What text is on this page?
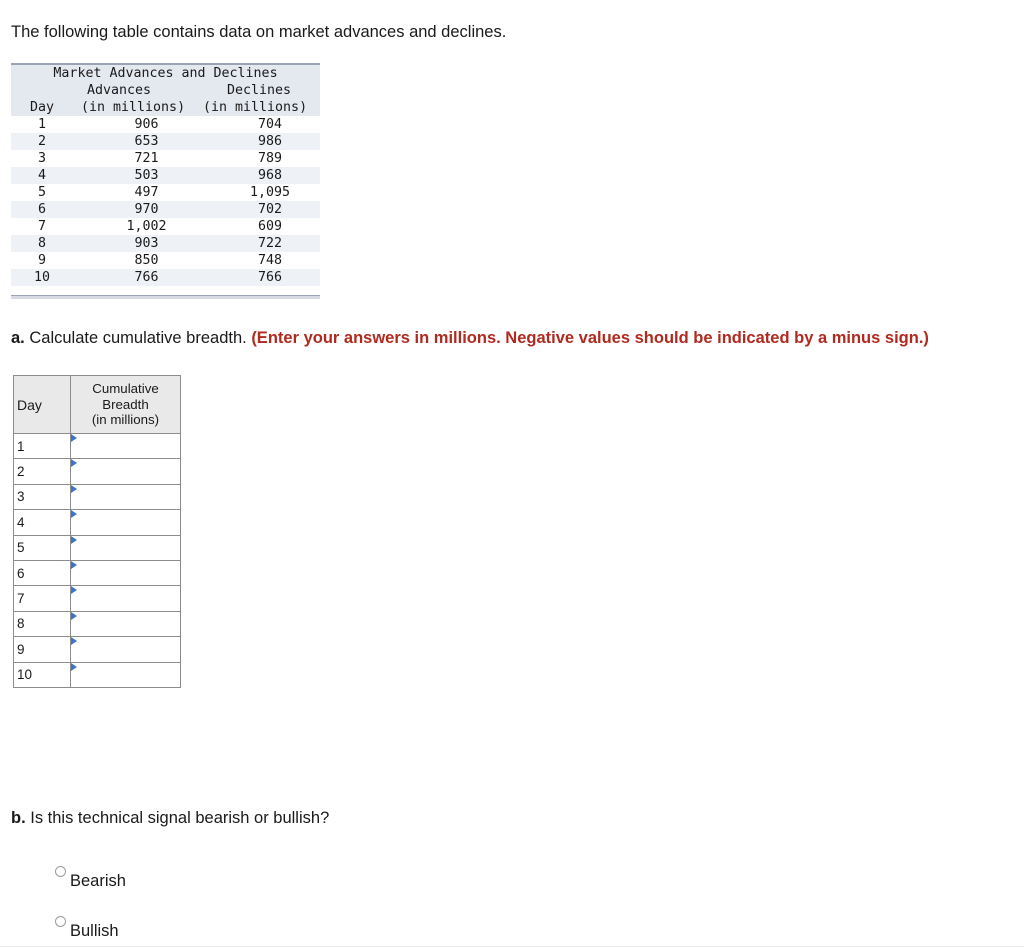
The following table contains data on market advances and declines.
Market Advances and Declines
Advances	Declines
Day (in millions) (in millions)
1	906	704
2	653	986
3	721	789
4	503	968
5	497	1,095
6	970	702
7	1,002	609
8	903	722
9	850	748
10	766	766
a. Calculate cumulative breadth. (Enter your answers in millions. Negative values should be indicated by a minus sign.)
Day	Cumulative
Breadth
(in millions)

1	

2	

3	

4	

5	

6	

7	

8	

9	

10	
b. Is this technical signal bearish or bullish?
Bearish
Bullish
